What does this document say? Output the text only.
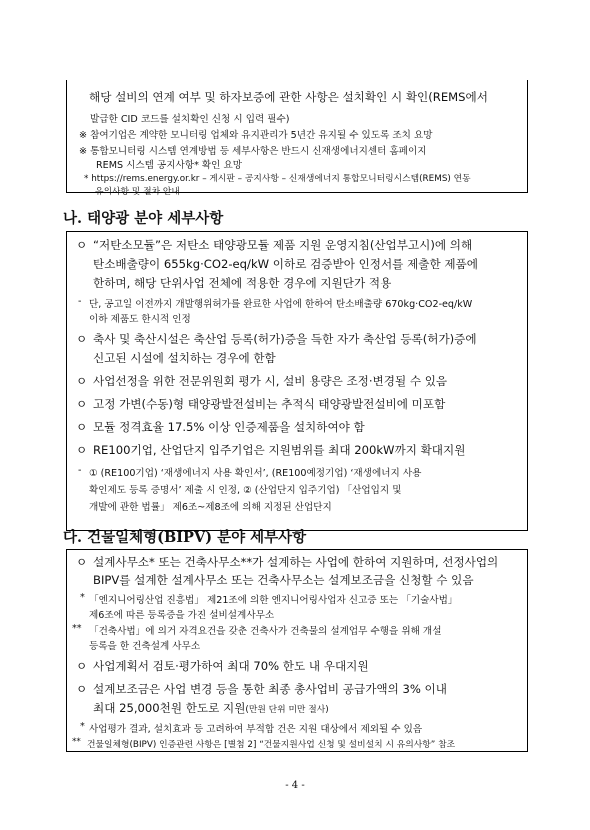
해당 설비의 연계 여부 및 하자보증에 관한 사항은 설치확인 시 확인(REMS에서
발급한 CID 코드를 설치확인 신청 시 입력 필수)
※ 참여기업은 계약한 모니터링 업체와 유지관리가 5년간 유지될 수 있도록 조치 요망
※ 통합모니터링 시스템 연계방법 등 세부사항은 반드시 신재생에너지센터 홈페이지
REMS 시스템 공지사항* 확인 요망
* https://rems.energy.or.kr – 게시판 – 공지사항 – 신재생에너지 통합모니터링시스템(REMS) 연동
유의사항 및 절차 안내
나. 태양광 분야 세부사항
ㅇ “저탄소모듈”은 저탄소 태양광모듈 제품 지원 운영지침(산업부고시)에 의해
탄소배출량이 655kg·CO2-eq/kW 이하로 검증받아 인정서를 제출한 제품에
한하며, 해당 단위사업 전체에 적용한 경우에 지원단가 적용
- 단, 공고일 이전까지 개발행위허가를 완료한 사업에 한하여 탄소배출량 670kg·CO2-eq/kW
이하 제품도 한시적 인정
ㅇ 축사 및 축산시설은 축산업 등록(허가)증을 득한 자가 축산업 등록(허가)증에
신고된 시설에 설치하는 경우에 한함
ㅇ 사업선정을 위한 전문위원회 평가 시, 설비 용량은 조정·변경될 수 있음
ㅇ 고정 가변(수동)형 태양광발전설비는 추적식 태양광발전설비에 미포함
ㅇ 모듈 정격효율 17.5% 이상 인증제품을 설치하여야 함
ㅇ RE100기업, 산업단지 입주기업은 지원범위를 최대 200kW까지 확대지원
- ① (RE100기업) ‘재생에너지 사용 확인서’, (RE100예정기업) ‘재생에너지 사용
확인제도 등록 증명서’ 제출 시 인정, ② (산업단지 입주기업) 「산업입지 및
개발에 관한 법률」 제6조~제8조에 의해 지정된 산업단지
다. 건물일체형(BIPV) 분야 세부사항
ㅇ 설계사무소* 또는 건축사무소**가 설계하는 사업에 한하여 지원하며, 선정사업의
BIPV를 설계한 설계사무소 또는 건축사무소는 설계보조금을 신청할 수 있음
* 「엔지니어링산업 진흥법」 제21조에 의한 엔지니어링사업자 신고증 또는 「기술사법」
제6조에 따른 등록증을 가진 설비설계사무소
** 「건축사법」에 의거 자격요건을 갖춘 건축사가 건축물의 설계업무 수행을 위해 개설
등록을 한 건축설계 사무소
ㅇ 사업계획서 검토·평가하여 최대 70% 한도 내 우대지원
ㅇ 설계보조금은 사업 변경 등을 통한 최종 총사업비 공급가액의 3% 이내
최대 25,000천원 한도로 지원(만원 단위 미만 절사)
* 사업평가 결과, 설치효과 등 고려하여 부적합 건은 지원 대상에서 제외될 수 있음
** 건물일체형(BIPV) 인증관련 사항은 [별첨 2] “건물지원사업 신청 및 설비설치 시 유의사항” 참조
- 4 -
